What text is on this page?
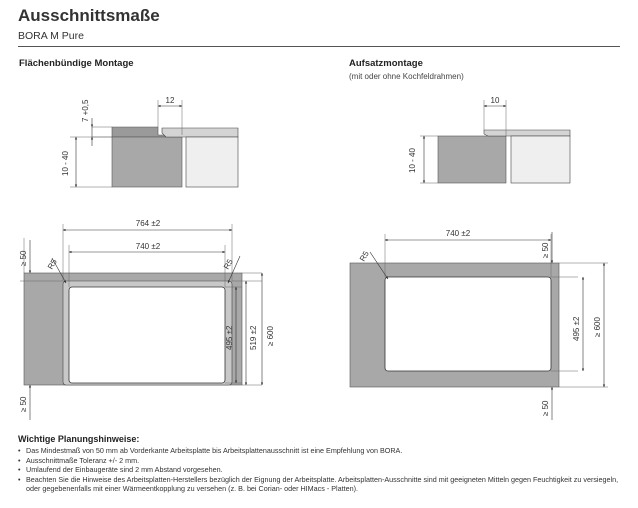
Ausschnittsmaße
BORA M Pure
Flächenbündige Montage	Aufsatzmontage
(mit oder ohne Kochfeldrahmen)
7 +0,5
10 - 40
12
10 - 40
10
764 ±2
740 ±2
≥ 50
≥ 50
R5	R5
495 ±2 519 ±2 ≥ 600
740 ±2
R5	≥ 50
≥ 50
495 ±2 ≥ 600
Wichtige Planungshinweise:
• Das Mindestmaß von 50 mm ab Vorderkante Arbeitsplatte bis Arbeitsplattenausschnitt ist eine Empfehlung von BORA.
• Ausschnittmaße Toleranz +/- 2 mm.
• Umlaufend der Einbaugeräte sind 2 mm Abstand vorgesehen.
• Beachten Sie die Hinweise des Arbeitsplatten-Herstellers bezüglich der Eignung der Arbeitsplatte. Arbeitsplatten-Ausschnitte sind mit geeigneten Mitteln gegen Feuchtigkeit zu versiegeln, oder gegebenenfalls mit einer Wärmeentkopplung zu versehen (z. B. bei Corian- oder HIMacs - Platten).
